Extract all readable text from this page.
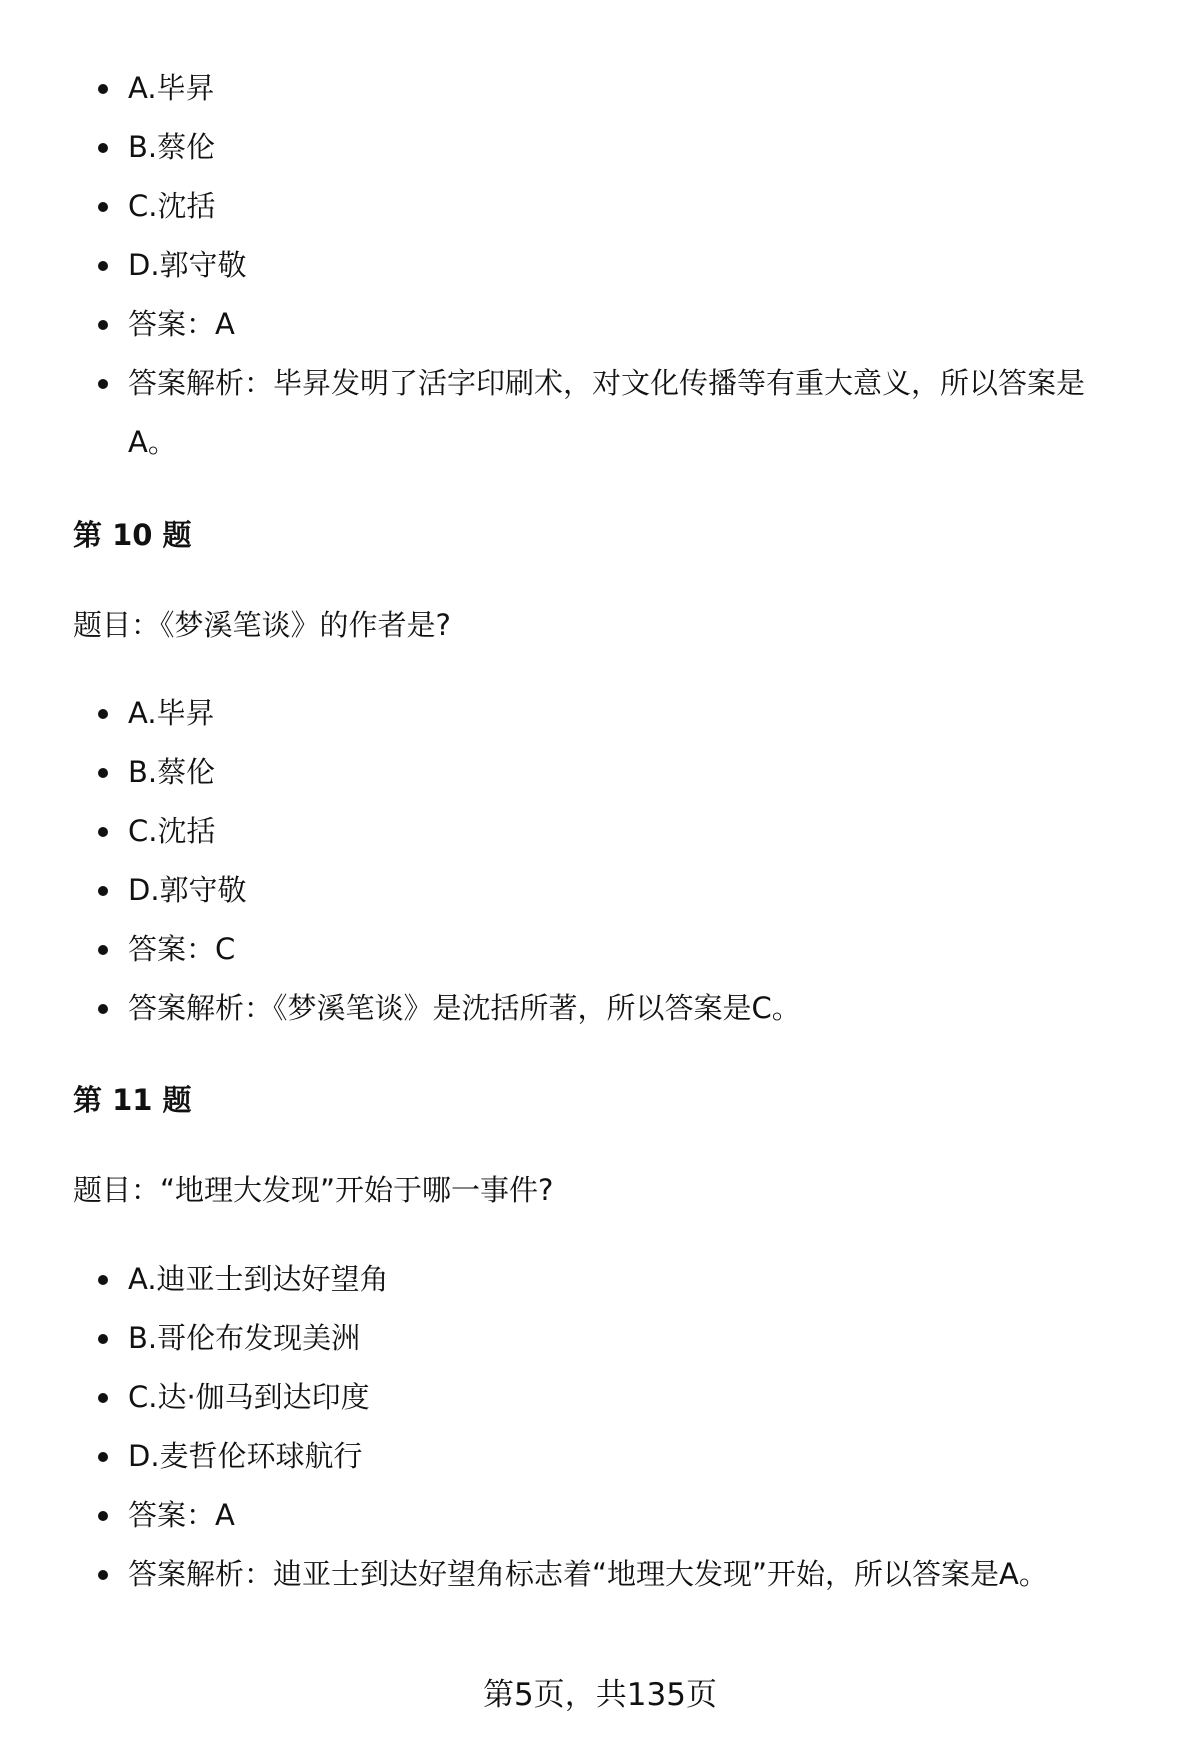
A.毕昇
B.蔡伦
C.沈括
D.郭守敬
答案：A
答案解析：毕昇发明了活字印刷术，对文化传播等有重大意义，所以答案是A。
第 10 题
题目：《梦溪笔谈》的作者是?
A.毕昇
B.蔡伦
C.沈括
D.郭守敬
答案：C
答案解析：《梦溪笔谈》是沈括所著，所以答案是C。
第 11 题
题目：“地理大发现”开始于哪一事件?
A.迪亚士到达好望角
B.哥伦布发现美洲
C.达·伽马到达印度
D.麦哲伦环球航行
答案：A
答案解析：迪亚士到达好望角标志着“地理大发现”开始，所以答案是A。
第5页，共135页
